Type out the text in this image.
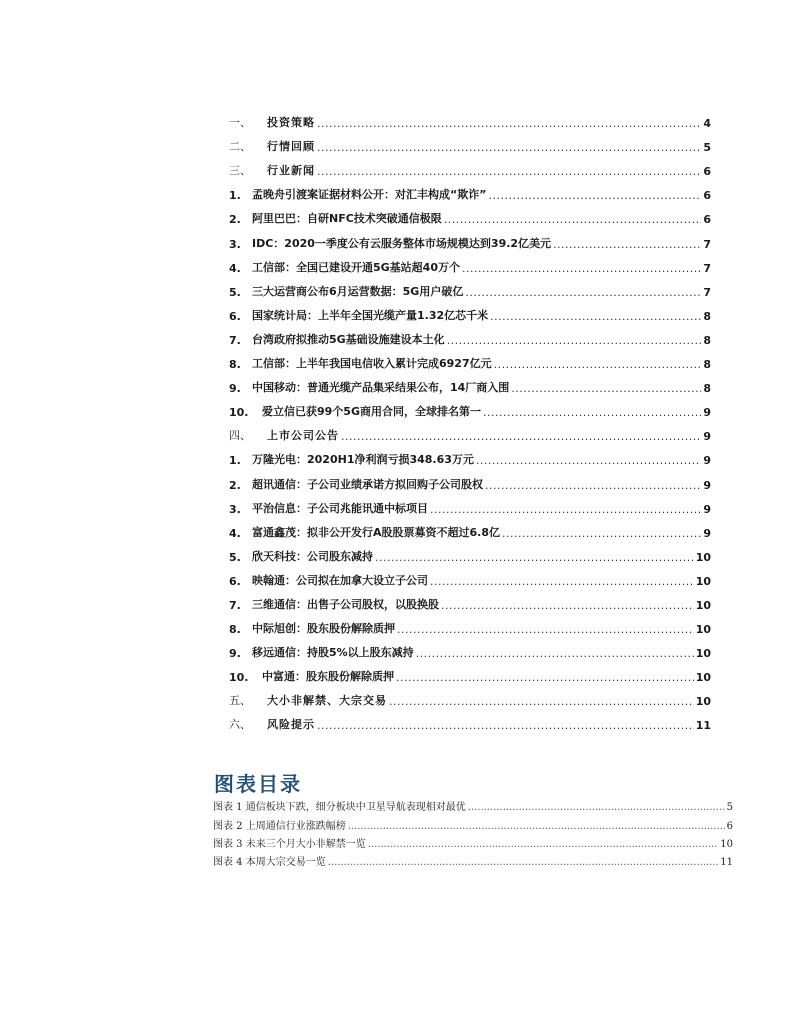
一、	投资策略 .....	4
二、	行情回顾 .....	5
三、	行业新闻 .....	6
1.	孟晚舟引渡案证据材料公开：对汇丰构成“欺诈” .....	6
2.	阿里巴巴：自研NFC技术突破通信极限 .....	6
3.	IDC：2020一季度公有云服务整体市场规模达到39.2亿美元 .....	7
4.	工信部：全国已建设开通5G基站超40万个 .....	7
5.	三大运营商公布6月运营数据：5G用户破亿 .....	7
6.	国家统计局：上半年全国光缆产量1.32亿芯千米 .....	8
7.	台湾政府拟推动5G基础设施建设本土化 .....	8
8.	工信部：上半年我国电信收入累计完成6927亿元 .....	8
9.	中国移动：普通光缆产品集采结果公布，14厂商入围 .....	8
10.	爱立信已获99个5G商用合同，全球排名第一 .....	9
四、	上市公司公告 .....	9
1.	万隆光电：2020H1净利润亏损348.63万元 .....	9
2.	超讯通信：子公司业绩承诺方拟回购子公司股权 .....	9
3.	平治信息：子公司兆能讯通中标项目 .....	9
4.	富通鑫茂：拟非公开发行A股股票募资不超过6.8亿 .....	9
5.	欣天科技：公司股东减持 .....	10
6.	映翰通：公司拟在加拿大设立子公司 .....	10
7.	三维通信：出售子公司股权，以股换股 .....	10
8.	中际旭创：股东股份解除质押 .....	10
9.	移远通信：持股5%以上股东减持 .....	10
10.	中富通：股东股份解除质押 .....	10
五、	大小非解禁、大宗交易 .....	10
六、	风险提示 .....	11
图表目录
图表 1 通信板块下跌，细分板块中卫星导航表现相对最优 .....	5
图表 2 上周通信行业涨跌幅榜 .....	6
图表 3 未来三个月大小非解禁一览 .....	10
图表 4 本周大宗交易一览 .....	11
